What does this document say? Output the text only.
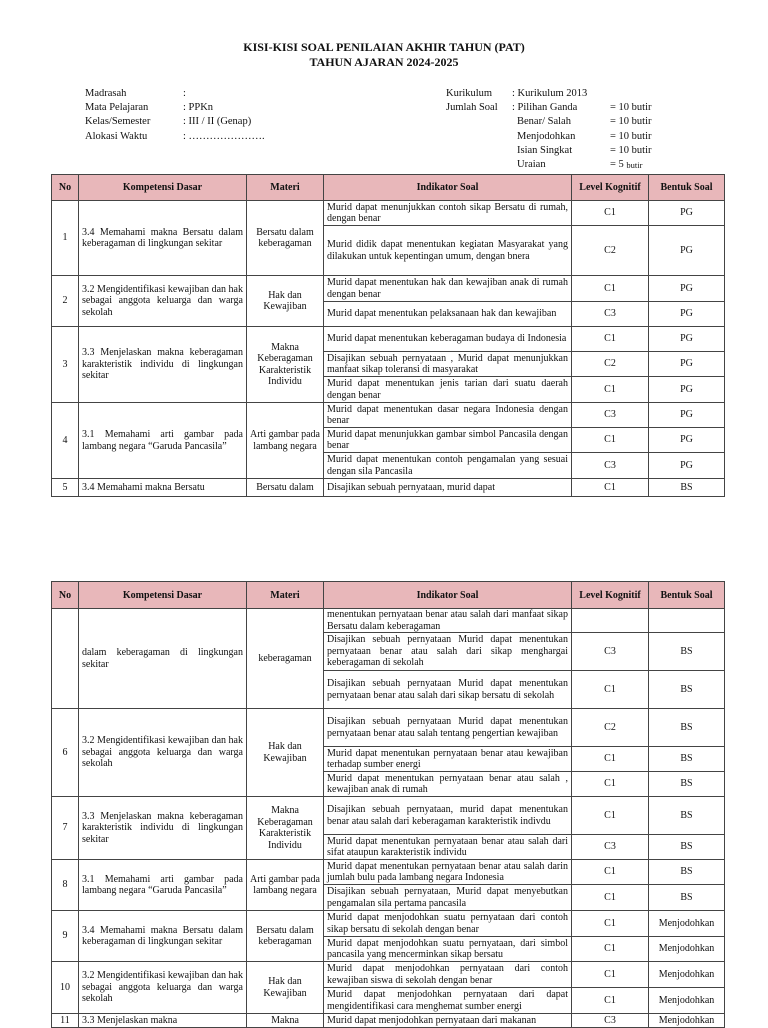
KISI-KISI SOAL PENILAIAN AKHIR TAHUN (PAT)
TAHUN AJARAN 2024-2025
Madrasah	:
Mata Pelajaran	: PPKn
Kelas/Semester	: III / II (Genap)
Alokasi Waktu	: ………………….
Kurikulum	: Kurikulum 2013
Jumlah Soal	: Pilihan Ganda	= 10 butir
Benar/ Salah	= 10 butir
Menjodohkan	= 10 butir
Isian Singkat	= 10 butir
Uraian	= 5
butir
No	Kompetensi Dasar	Materi	Indikator Soal	Level Kognitif	Bentuk Soal
1	3.4 Memahami makna Bersatu dalam keberagaman di lingkungan sekitar	Bersatu dalam keberagaman	Murid dapat menunjukkan contoh sikap Bersatu di rumah, dengan benar	C1	PG
			Murid didik dapat menentukan kegiatan Masyarakat yang dilakukan untuk kepentingan umum, dengan bnera	C2	PG
2	3.2 Mengidentifikasi kewajiban dan hak sebagai anggota keluarga dan warga sekolah	Hak dan Kewajiban	Murid dapat menentukan hak dan kewajiban anak di rumah dengan benar	C1	PG
			Murid dapat menentukan pelaksanaan hak dan kewajiban	C3	PG
3	3.3 Menjelaskan makna keberagaman karakteristik individu di lingkungan sekitar	Makna Keberagaman Karakteristik Individu	Murid dapat menentukan keberagaman budaya di Indonesia	C1	PG
			Disajikan sebuah pernyataan , Murid dapat menunjukkan manfaat sikap toleransi di masyarakat	C2	PG
			Murid dapat menentukan jenis tarian dari suatu daerah dengan benar	C1	PG
4	3.1 Memahami arti gambar pada lambang negara “Garuda Pancasila”	Arti gambar pada lambang negara	Murid dapat menentukan dasar negara Indonesia dengan benar	C3	PG
			Murid dapat menunjukkan gambar simbol Pancasila dengan benar	C1	PG
			Murid dapat menentukan contoh pengamalan yang sesuai dengan sila Pancasila	C3	PG
5	3.4 Memahami makna Bersatu	Bersatu dalam	Disajikan sebuah pernyataan, murid dapat	C1	BS
No	Kompetensi Dasar	Materi	Indikator Soal	Level Kognitif	Bentuk Soal
	dalam keberagaman di lingkungan sekitar	keberagaman	menentukan pernyataan benar atau salah dari manfaat sikap Bersatu dalam keberagaman		
			Disajikan sebuah pernyataan Murid dapat menentukan pernyataan benar atau salah dari sikap menghargai keberagaman di sekolah	C3	BS
			Disajikan sebuah pernyataan Murid dapat menentukan pernyataan benar atau salah dari sikap bersatu di sekolah	C1	BS
6	3.2 Mengidentifikasi kewajiban dan hak sebagai anggota keluarga dan warga sekolah	Hak dan Kewajiban	Disajikan sebuah pernyataan Murid dapat menentukan pernyataan benar atau salah tentang pengertian kewajiban	C2	BS
			Murid dapat menentukan pernyataan benar atau kewajiban terhadap sumber energi	C1	BS
			Murid dapat menentukan pernyataan benar atau salah , kewajiban anak di rumah	C1	BS
7	3.3 Menjelaskan makna keberagaman karakteristik individu di lingkungan sekitar	Makna Keberagaman Karakteristik Individu	Disajikan sebuah pernyataan, murid dapat menentukan benar atau salah dari keberagaman karakteristik indivdu	C1	BS
			Murid dapat menentukan pernyataan benar atau salah dari sifat ataupun karakteristik individu	C3	BS
8	3.1 Memahami arti gambar pada lambang negara “Garuda Pancasila”	Arti gambar pada lambang negara	Murid dapat menentukan pernyataan benar atau salah darin jumlah bulu pada lambang negara Indonesia	C1	BS
			Disajikan sebuah pernyataan, Murid dapat menyebutkan pengamalan sila pertama pancasila	C1	BS
9	3.4 Memahami makna Bersatu dalam keberagaman di lingkungan sekitar	Bersatu dalam keberagaman	Murid dapat menjodohkan suatu pernyataan dari contoh sikap bersatu di sekolah dengan benar	C1	Menjodohkan
			Murid dapat menjodohkan suatu pernyataan, dari simbol pancasila yang mencerminkan sikap bersatu	C1	Menjodohkan
10	3.2 Mengidentifikasi kewajiban dan hak sebagai anggota keluarga dan warga sekolah	Hak dan Kewajiban	Murid dapat menjodohkan pernyataan dari contoh kewajiban siswa di sekolah dengan benar	C1	Menjodohkan
			Murid dapat menjodohkan pernyataan dari dapat mengidentifikasi cara menghemat sumber energi	C1	Menjodohkan
11	3.3 Menjelaskan makna	Makna	Murid dapat menjodohkan pernyataan dari makanan	C3	Menjodohkan
